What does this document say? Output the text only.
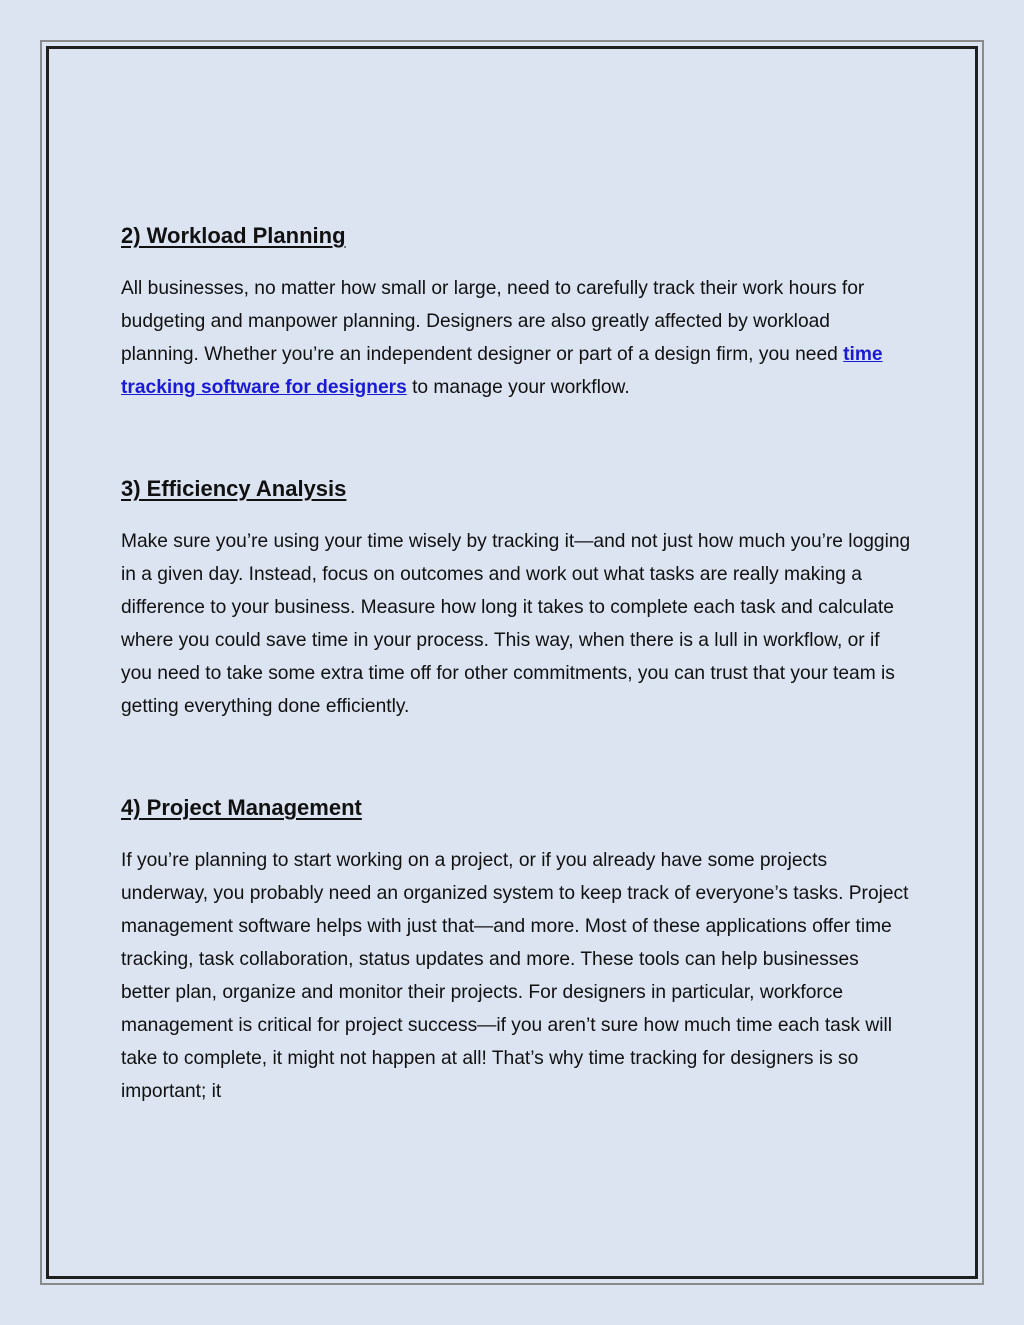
2) Workload Planning

All businesses, no matter how small or large, need to carefully track their work hours for budgeting and manpower planning. Designers are also greatly affected by workload planning. Whether you’re an independent designer or part of a design firm, you need time tracking software for designers to manage your workflow.

3) Efficiency Analysis

Make sure you’re using your time wisely by tracking it—and not just how much you’re logging in a given day. Instead, focus on outcomes and work out what tasks are really making a difference to your business. Measure how long it takes to complete each task and calculate where you could save time in your process. This way, when there is a lull in workflow, or if you need to take some extra time off for other commitments, you can trust that your team is getting everything done efficiently.

4) Project Management

If you’re planning to start working on a project, or if you already have some projects underway, you probably need an organized system to keep track of everyone’s tasks. Project management software helps with just that—and more. Most of these applications offer time tracking, task collaboration, status updates and more. These tools can help businesses better plan, organize and monitor their projects. For designers in particular, workforce management is critical for project success—if you aren’t sure how much time each task will take to complete, it might not happen at all! That’s why time tracking for designers is so important; it
